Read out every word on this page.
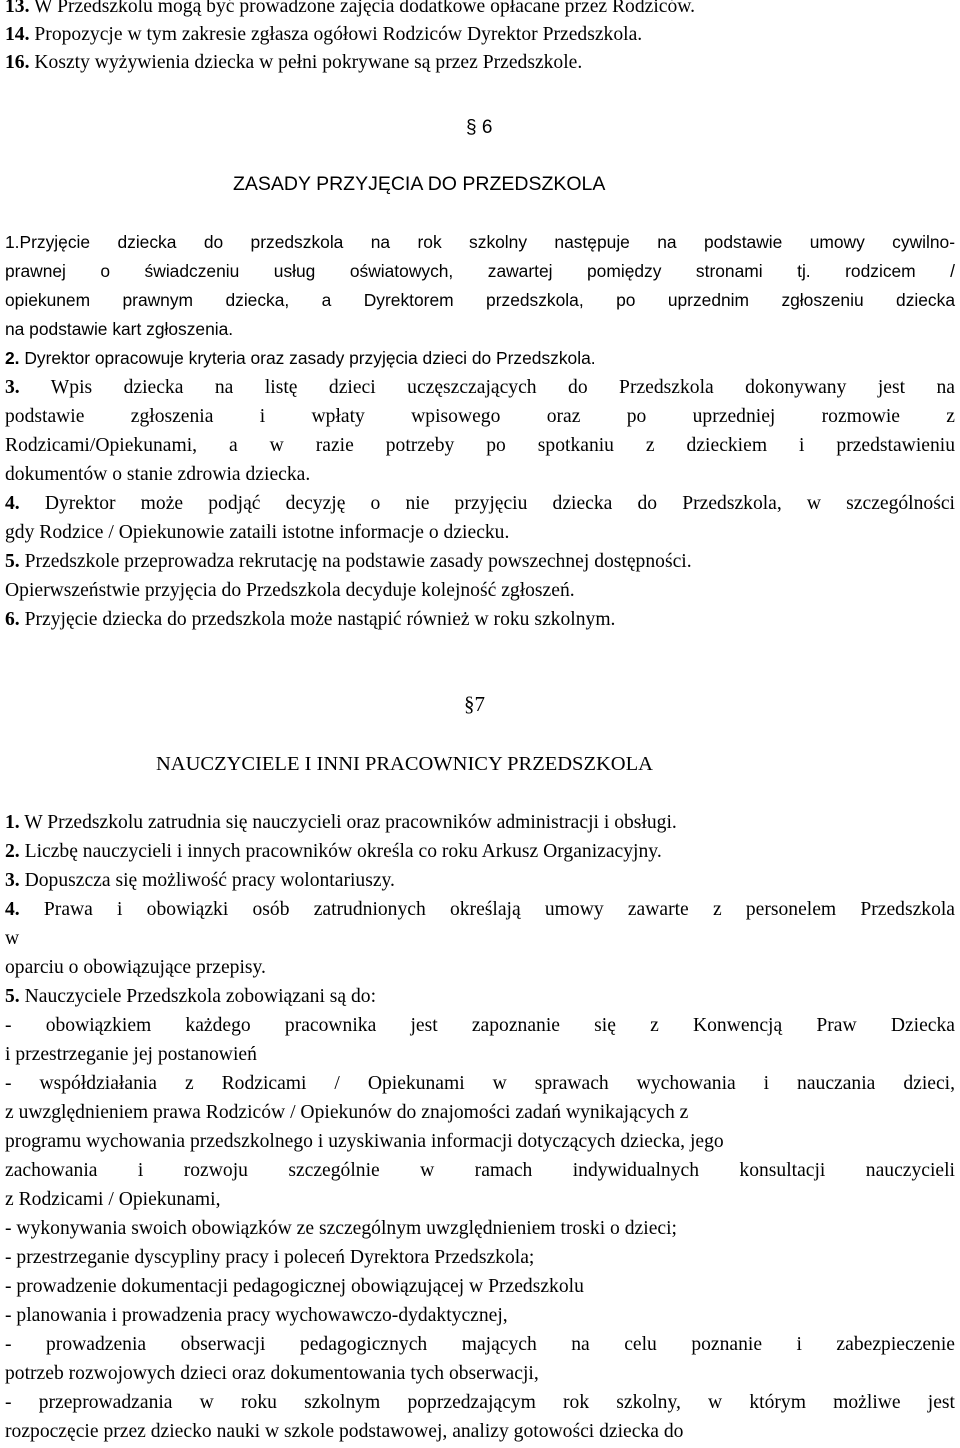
13. W Przedszkolu mogą być prowadzone zajęcia dodatkowe opłacane przez Rodziców.
14. Propozycje w tym zakresie zgłasza ogółowi Rodziców Dyrektor Przedszkola.
16. Koszty wyżywienia dziecka w pełni pokrywane są przez Przedszkole.
§ 6
ZASADY PRZYJĘCIA DO PRZEDSZKOLA
1.Przyjęcie dziecka do przedszkola na rok szkolny następuje na podstawie umowy cywilno-
prawnej o świadczeniu usług oświatowych, zawartej pomiędzy stronami tj. rodzicem /
opiekunem prawnym dziecka, a Dyrektorem przedszkola, po uprzednim zgłoszeniu dziecka
na podstawie kart zgłoszenia.
2. Dyrektor opracowuje kryteria oraz zasady przyjęcia dzieci do Przedszkola.
3. Wpis dziecka na listę dzieci uczęszczających do Przedszkola dokonywany jest na
podstawie zgłoszenia i wpłaty wpisowego oraz po uprzedniej rozmowie z
Rodzicami/Opiekunami, a w razie potrzeby po spotkaniu z dzieckiem i przedstawieniu
dokumentów o stanie zdrowia dziecka.
4. Dyrektor może podjąć decyzję o nie przyjęciu dziecka do Przedszkola, w szczególności
gdy Rodzice / Opiekunowie zataili istotne informacje o dziecku.
5. Przedszkole przeprowadza rekrutację na podstawie zasady powszechnej dostępności.
Opierwszeństwie przyjęcia do Przedszkola decyduje kolejność zgłoszeń.
6. Przyjęcie dziecka do przedszkola może nastąpić również w roku szkolnym.
§7
NAUCZYCIELE I INNI PRACOWNICY PRZEDSZKOLA
1. W Przedszkolu zatrudnia się nauczycieli oraz pracowników administracji i obsługi.
2. Liczbę nauczycieli i innych pracowników określa co roku Arkusz Organizacyjny.
3. Dopuszcza się możliwość pracy wolontariuszy.
4. Prawa i obowiązki osób zatrudnionych określają umowy zawarte z personelem Przedszkola
w
oparciu o obowiązujące przepisy.
5. Nauczyciele Przedszkola zobowiązani są do:
- obowiązkiem każdego pracownika jest zapoznanie się z Konwencją Praw Dziecka
i przestrzeganie jej postanowień
- współdziałania z Rodzicami / Opiekunami w sprawach wychowania i nauczania dzieci,
z uwzględnieniem prawa Rodziców / Opiekunów do znajomości zadań wynikających z
programu wychowania przedszkolnego i uzyskiwania informacji dotyczących dziecka, jego
zachowania i rozwoju szczególnie w ramach indywidualnych konsultacji nauczycieli
z Rodzicami / Opiekunami,
- wykonywania swoich obowiązków ze szczególnym uwzględnieniem troski o dzieci;
- przestrzeganie dyscypliny pracy i poleceń Dyrektora Przedszkola;
- prowadzenie dokumentacji pedagogicznej obowiązującej w Przedszkolu
- planowania i prowadzenia pracy wychowawczo-dydaktycznej,
- prowadzenia obserwacji pedagogicznych mających na celu poznanie i zabezpieczenie
potrzeb rozwojowych dzieci oraz dokumentowania tych obserwacji,
- przeprowadzania w roku szkolnym poprzedzającym rok szkolny, w którym możliwe jest
rozpoczęcie przez dziecko nauki w szkole podstawowej, analizy gotowości dziecka do
